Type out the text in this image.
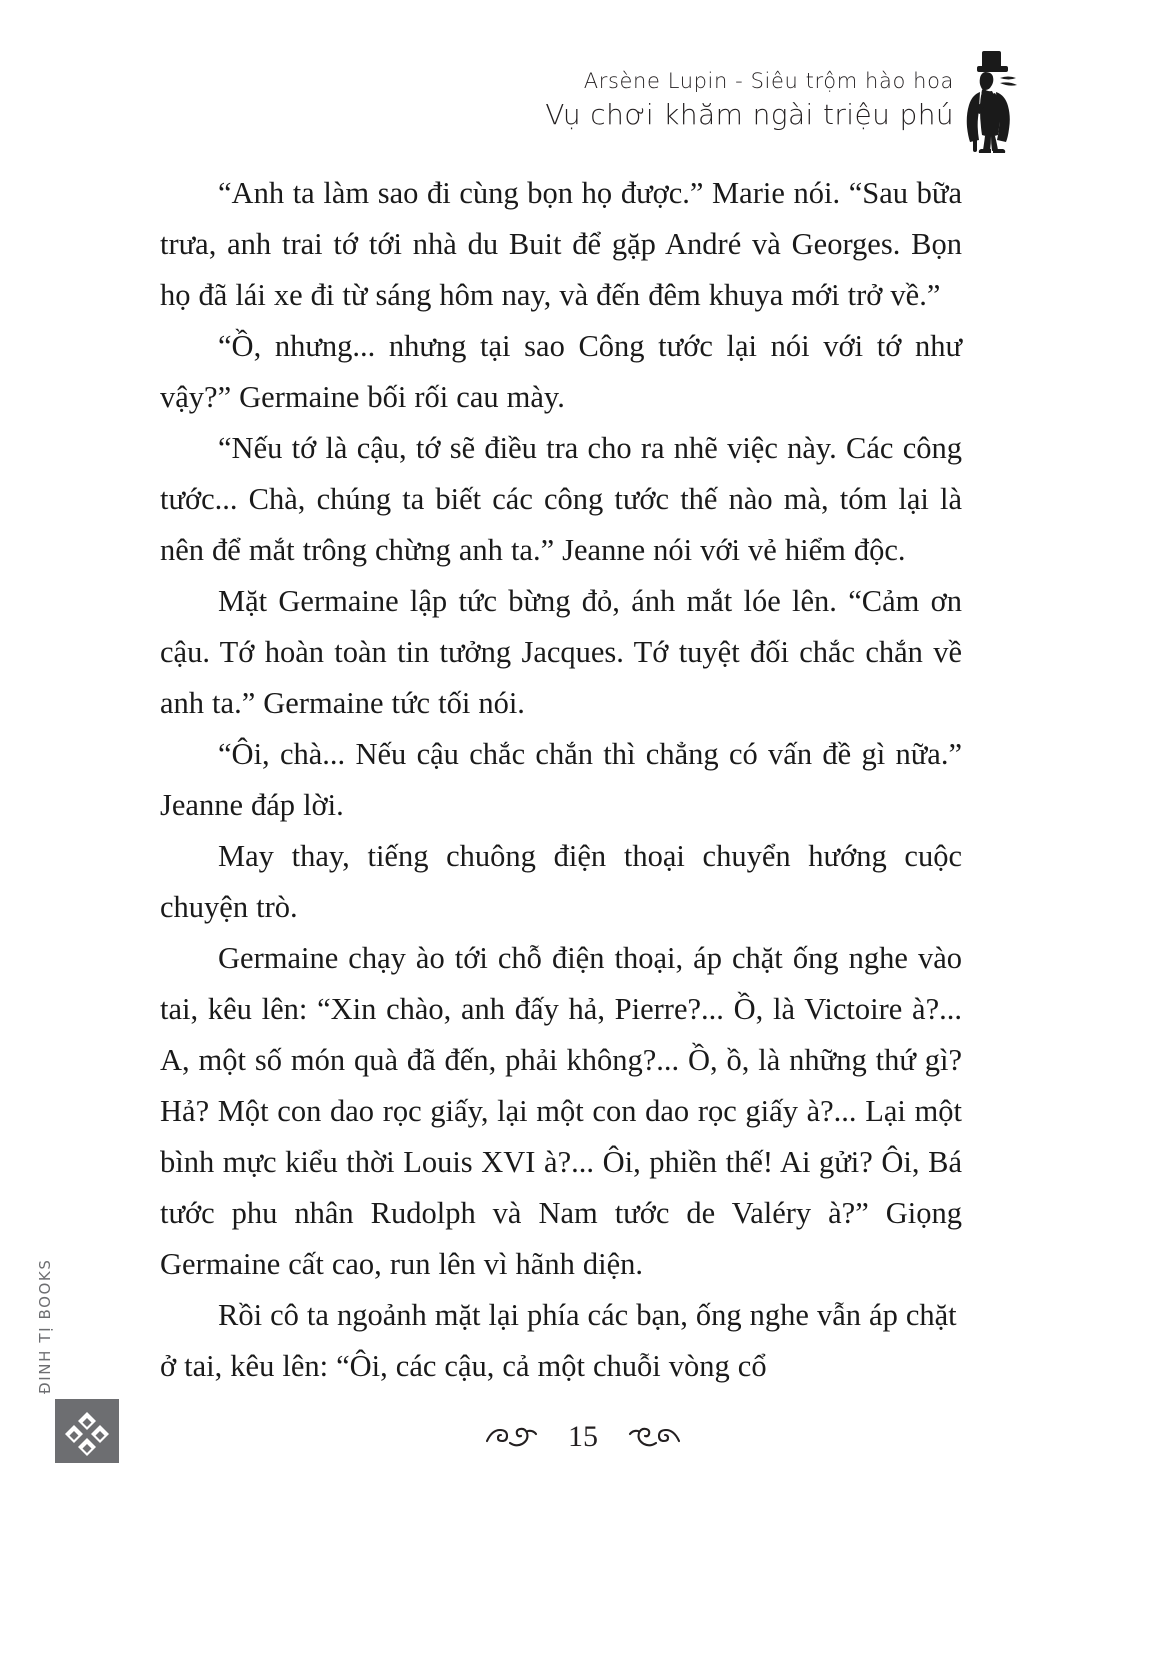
Arsène Lupin - Siêu trộm hào hoa
Vụ chơi khăm ngài triệu phú

“Anh ta làm sao đi cùng bọn họ được.” Marie nói. “Sau bữa trưa, anh trai tớ tới nhà du Buit để gặp André và Georges. Bọn họ đã lái xe đi từ sáng hôm nay, và đến đêm khuya mới trở về.”

“Ồ, nhưng... nhưng tại sao Công tước lại nói với tớ như vậy?” Germaine bối rối cau mày.

“Nếu tớ là cậu, tớ sẽ điều tra cho ra nhẽ việc này. Các công tước... Chà, chúng ta biết các công tước thế nào mà, tóm lại là nên để mắt trông chừng anh ta.” Jeanne nói với vẻ hiểm độc.

Mặt Germaine lập tức bừng đỏ, ánh mắt lóe lên. “Cảm ơn cậu. Tớ hoàn toàn tin tưởng Jacques. Tớ tuyệt đối chắc chắn về anh ta.” Germaine tức tối nói.

“Ôi, chà... Nếu cậu chắc chắn thì chẳng có vấn đề gì nữa.” Jeanne đáp lời.

May thay, tiếng chuông điện thoại chuyển hướng cuộc chuyện trò.

Germaine chạy ào tới chỗ điện thoại, áp chặt ống nghe vào tai, kêu lên: “Xin chào, anh đấy hả, Pierre?... Ồ, là Victoire à?... A, một số món quà đã đến, phải không?... Ồ, ồ, là những thứ gì? Hả? Một con dao rọc giấy, lại một con dao rọc giấy à?... Lại một bình mực kiểu thời Louis XVI à?... Ôi, phiền thế! Ai gửi? Ôi, Bá tước phu nhân Rudolph và Nam tước de Valéry à?” Giọng Germaine cất cao, run lên vì hãnh diện.

Rồi cô ta ngoảnh mặt lại phía các bạn, ống nghe vẫn áp chặt ở tai, kêu lên: “Ôi, các cậu, cả một chuỗi vòng cổ

ĐINH TỊ BOOKS
15
